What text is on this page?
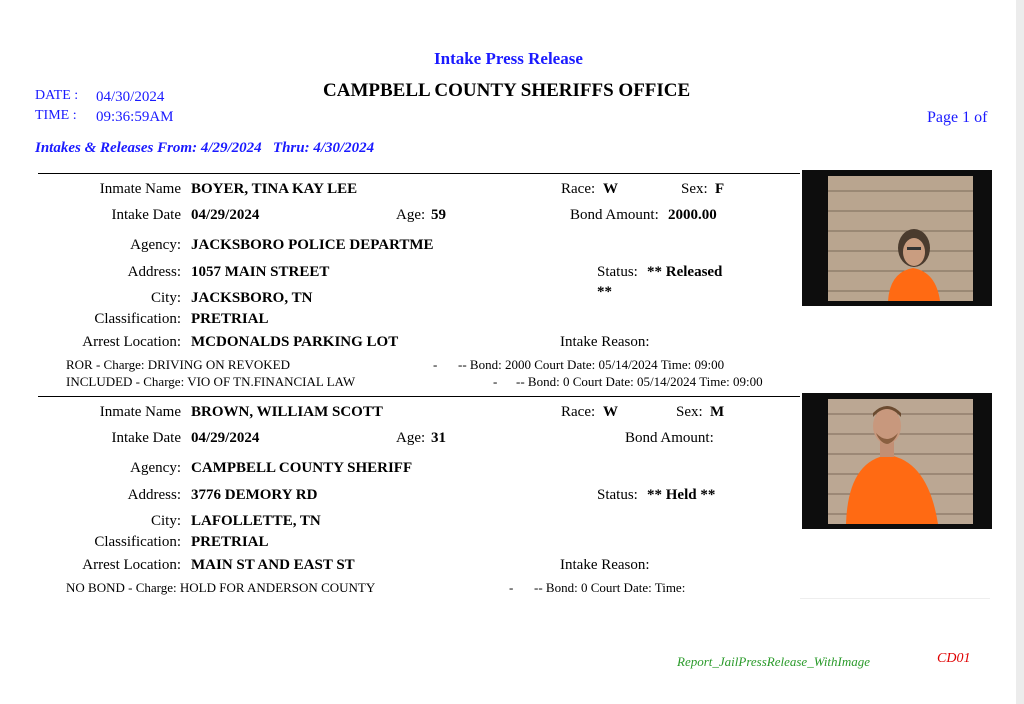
Intake Press Release
CAMPBELL COUNTY SHERIFFS OFFICE
DATE : 04/30/2024
TIME : 09:36:59AM	Page 1 of
Intakes & Releases From: 4/29/2024   Thru: 4/30/2024
Inmate Name BOYER, TINA KAY LEE	Race: W	Sex: F
Intake Date 04/29/2024	Age: 59	Bond Amount: 2000.00
Agency: JACKSBORO POLICE DEPARTME
Address: 1057 MAIN STREET	Status: ** Released
**
City: JACKSBORO, TN
Classification: PRETRIAL
Arrest Location: MCDONALDS PARKING LOT	Intake Reason:
ROR - Charge: DRIVING ON REVOKED	- -- Bond: 2000 Court Date: 05/14/2024 Time: 09:00
INCLUDED - Charge: VIO OF TN.FINANCIAL LAW	- -- Bond: 0 Court Date: 05/14/2024 Time: 09:00
Inmate Name BROWN, WILLIAM SCOTT	Race: W	Sex: M
Intake Date 04/29/2024	Age: 31	Bond Amount:
Agency: CAMPBELL COUNTY SHERIFF
Address: 3776 DEMORY RD	Status: ** Held **
City: LAFOLLETTE, TN
Classification: PRETRIAL
Arrest Location: MAIN ST AND EAST ST	Intake Reason:
NO BOND - Charge: HOLD FOR ANDERSON COUNTY	- -- Bond: 0 Court Date: Time:
Report_JailPressRelease_WithImage	CD01
